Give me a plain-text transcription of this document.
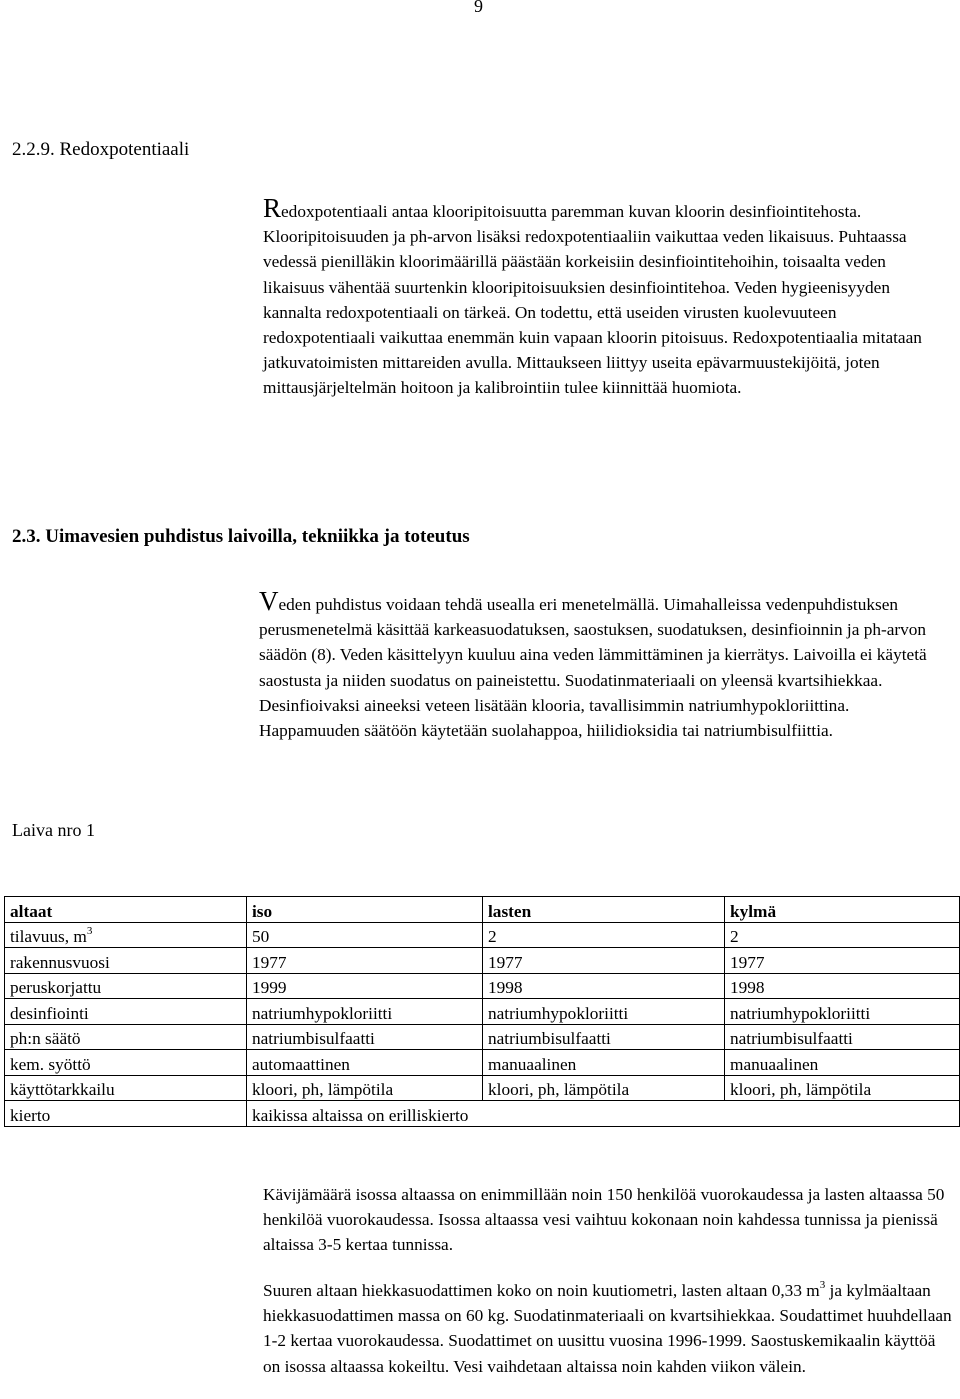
9
2.2.9. Redoxpotentiaali

Redoxpotentiaali antaa klooripitoisuutta paremman kuvan kloorin desinfiointitehosta. Klooripitoisuuden ja ph-arvon lisäksi redoxpotentiaaliin vaikuttaa veden likaisuus. Puhtaassa vedessä pienilläkin kloorimäärillä päästään korkeisiin desinfiointitehoihin, toisaalta veden likaisuus vähentää suurtenkin klooripitoisuuksien desinfiointitehoa. Veden hygieenisyyden kannalta redoxpotentiaali on tärkeä. On todettu, että useiden virusten kuolevuuteen redoxpotentiaali vaikuttaa enemmän kuin vapaan kloorin pitoisuus. Redoxpotentiaalia mitataan jatkuvatoimisten mittareiden avulla. Mittaukseen liittyy useita epävarmuustekijöitä, joten mittausjärjeltelmän hoitoon ja kalibrointiin tulee kiinnittää huomiota.

2.3. Uimavesien puhdistus laivoilla, tekniikka ja toteutus

Veden puhdistus voidaan tehdä usealla eri menetelmällä. Uimahalleissa vedenpuhdistuksen perusmenetelmä käsittää karkeasuodatuksen, saostuksen, suodatuksen, desinfioinnin ja ph-arvon säädön (8). Veden käsittelyyn kuuluu aina veden lämmittäminen ja kierrätys. Laivoilla ei käytetä saostusta ja niiden suodatus on paineistettu. Suodatinmateriaali on yleensä kvartsihiekkaa. Desinfioivaksi aineeksi veteen lisätään klooria, tavallisimmin natriumhypokloriittina. Happamuuden säätöön käytetään suolahappoa, hiilidioksidia tai natriumbisulfiittia.

Laiva nro 1
altaat	iso	lasten	kylmä
tilavuus, $m^3$	50	2	2
rakennusvuosi	1977	1977	1977
peruskorjattu	1999	1998	1998
desinfiointi	natriumhypokloriitti	natriumhypokloriitti	natriumhypokloriitti
ph:n säätö	natriumbisulfaatti	natriumbisulfaatti	natriumbisulfaatti
kem. syöttö	automaattinen	manuaalinen	manuaalinen
käyttötarkkailu	kloori, ph, lämpötila	kloori, ph, lämpötila	kloori, ph, lämpötila
kierto	kaikissa altaissa on erilliskierto		

Kävijämäärä isossa altaassa on enimmillään noin 150 henkilöä vuorokaudessa ja lasten altaassa 50 henkilöä vuorokaudessa. Isossa altaassa vesi vaihtuu kokonaan noin kahdessa tunnissa ja pienissä altaissa 3-5 kertaa tunnissa.

Suuren altaan hiekkasuodattimen koko on noin kuutiometri, lasten altaan 0,33 $m^3$ ja kylmäaltaan hiekkasuodattimen massa on 60 kg. Suodatinmateriaali on kvartsihiekkaa. Soudattimet huuhdellaan 1-2 kertaa vuorokaudessa. Suodattimet on uusittu vuosina 1996-1999. Saostuskemikaalin käyttöä on isossa altaassa kokeiltu. Vesi vaihdetaan altaissa noin kahden viikon välein.
